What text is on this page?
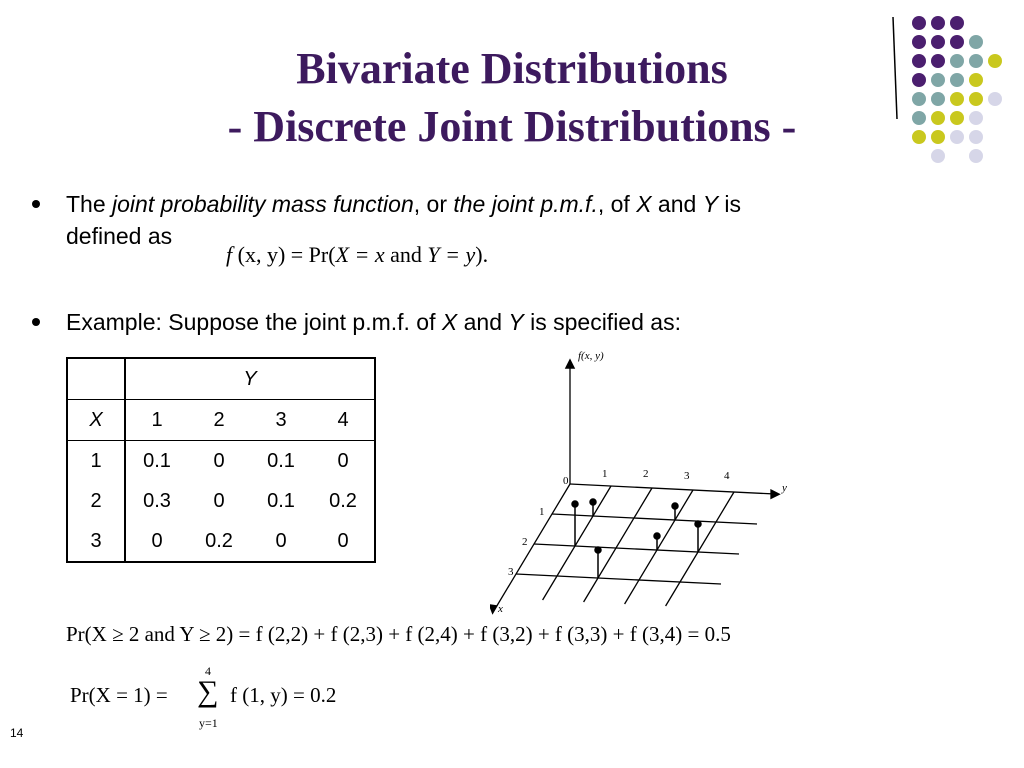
Bivariate Distributions
- Discrete Joint Distributions -
The joint probability mass function, or the joint p.m.f., of X and Y is
defined as
f (x, y) = Pr(X = x and Y = y).
Example: Suppose the joint p.m.f. of X and Y is specified as:
	Y			
X	1	2	3	4
1	0.1	0	0.1	0
2	0.3	0	0.1	0.2
3	0	0.2	0	0
f(x, y)
y
x
0
1	2	3	4
1
2
3
Pr(X ≥ 2 and Y ≥ 2) = f (2,2) + f (2,3) + f (2,4) + f (3,2) + f (3,3) + f (3,4) = 0.5
Pr(X = 1) =
4
∑
y=1
f (1, y) = 0.2
14
